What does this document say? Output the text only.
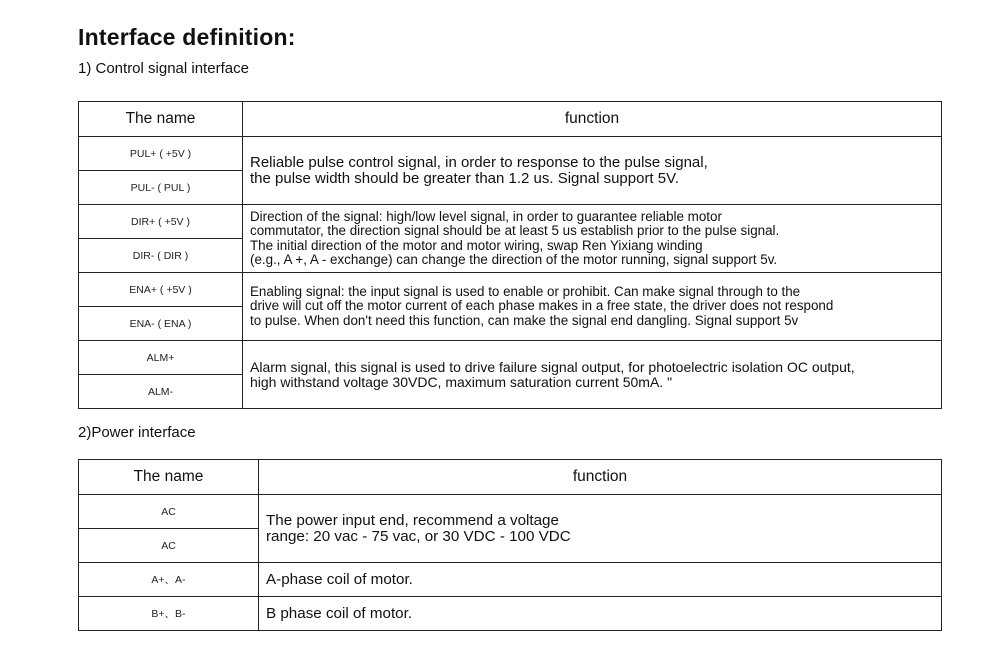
Interface definition:
1) Control signal interface
The name	function
PUL+ ( +5V )	Reliable pulse control signal, in order to response to the pulse signal,
the pulse width should be greater than 1.2 us. Signal support 5V.

PUL- ( PUL )	
DIR+ ( +5V )	Direction of the signal: high/low level signal, in order to guarantee reliable motor
commutator, the direction signal should be at least 5 us establish prior to the pulse signal.
The initial direction of the motor and motor wiring, swap Ren Yixiang winding
(e.g., A +, A - exchange) can change the direction of the motor running, signal support 5v.

DIR- ( DIR )	
ENA+ ( +5V )	Enabling signal: the input signal is used to enable or prohibit. Can make signal through to the
drive will cut off the motor current of each phase makes in a free state, the driver does not respond
to pulse. When don't need this function, can make the signal end dangling. Signal support 5v

ENA- ( ENA )	
ALM+	Alarm signal, this signal is used to drive failure signal output, for photoelectric isolation OC output,
high withstand voltage 30VDC, maximum saturation current 50mA. "

ALM-	
2)Power interface
The name	function
AC	The power input end, recommend a voltage
range: 20 vac - 75 vac, or 30 VDC - 100 VDC

AC	
A+、A-	A-phase coil of motor.

B+、B-	B phase coil of motor.
